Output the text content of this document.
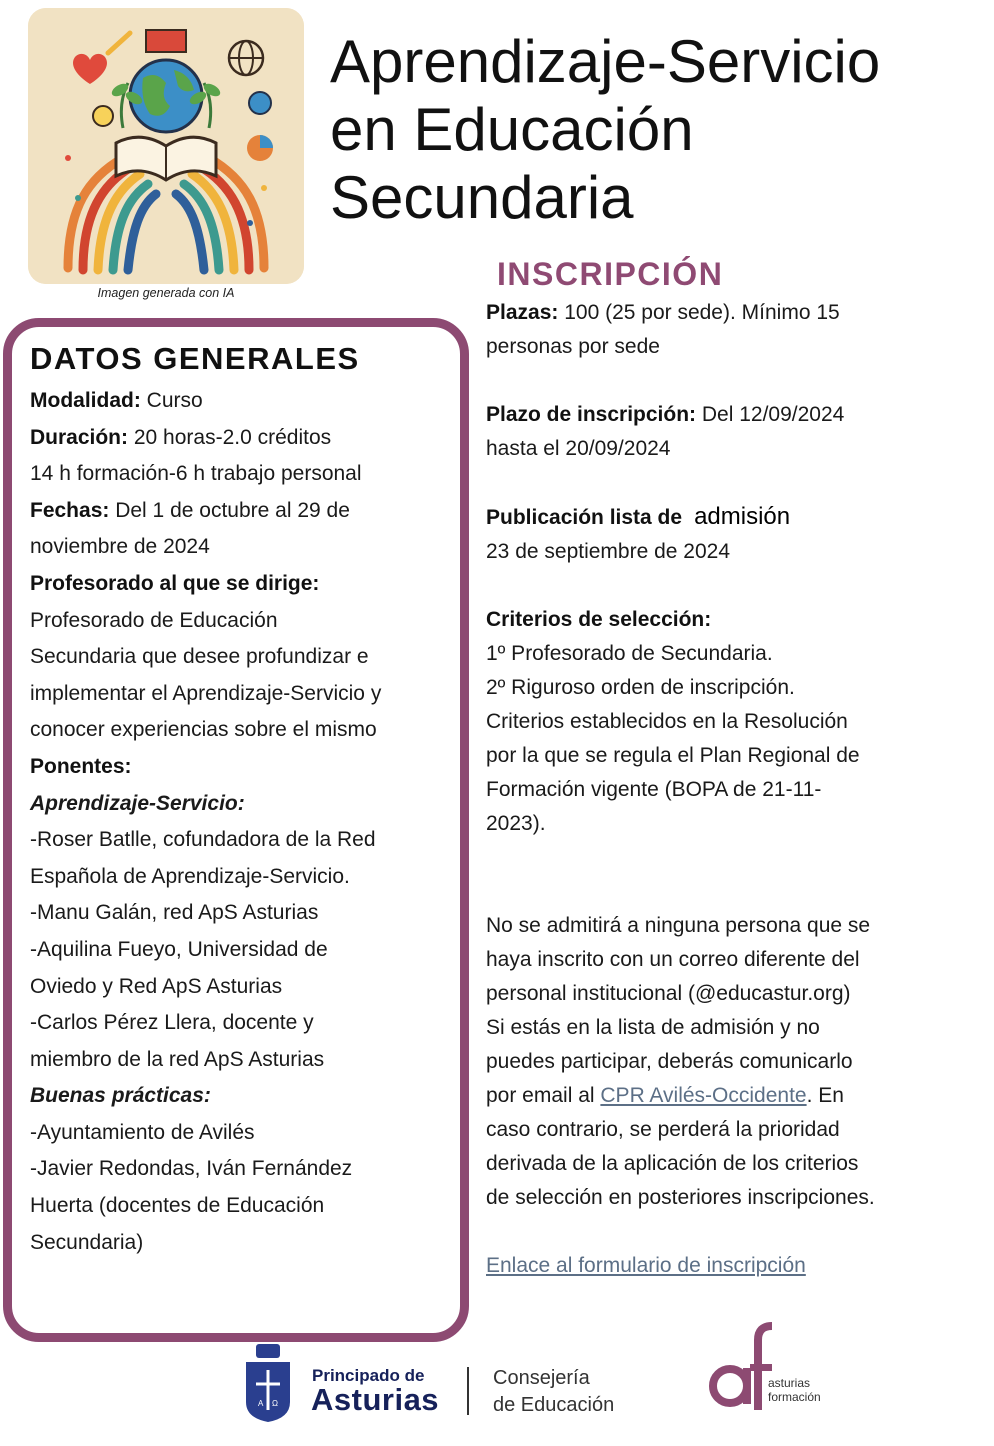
Imagen generada con IA
Aprendizaje-Servicio
en Educación
Secundaria
INSCRIPCIÓN
DATOS GENERALES
Modalidad: Curso
Duración: 20 horas-2.0 créditos
14 h formación-6 h trabajo personal
Fechas: Del 1 de octubre al 29 de
noviembre de 2024
Profesorado al que se dirige:
Profesorado de Educación
Secundaria que desee profundizar e
implementar el Aprendizaje-Servicio y
conocer experiencias sobre el mismo
Ponentes:
Aprendizaje-Servicio:
-Roser Batlle, cofundadora de la Red
Española de Aprendizaje-Servicio.
-Manu Galán, red ApS Asturias
-Aquilina Fueyo, Universidad de
Oviedo y Red ApS Asturias
-Carlos Pérez Llera, docente y
miembro de la red ApS Asturias
Buenas prácticas:
-Ayuntamiento de Avilés
-Javier Redondas, Iván Fernández
Huerta (docentes de Educación
Secundaria)
Plazas: 100 (25 por sede). Mínimo 15
personas por sede
Plazo de inscripción: Del 12/09/2024
hasta el 20/09/2024
Publicación lista de admisión
23 de septiembre de 2024
Criterios de selección:
1º Profesorado de Secundaria.
2º Riguroso orden de inscripción.
Criterios establecidos en la Resolución
por la que se regula el Plan Regional de
Formación vigente (BOPA de 21-11-
2023).
No se admitirá a ninguna persona que se
haya inscrito con un correo diferente del
personal institucional (@educastur.org)
Si estás en la lista de admisión y no
puedes participar, deberás comunicarlo
por email al CPR Avilés-Occidente. En
caso contrario, se perderá la prioridad
derivada de la aplicación de los criterios
de selección en posteriores inscripciones.
Enlace al formulario de inscripción
A Ω
Principado de
Asturias
Consejería
de Educación
asturias
formación
